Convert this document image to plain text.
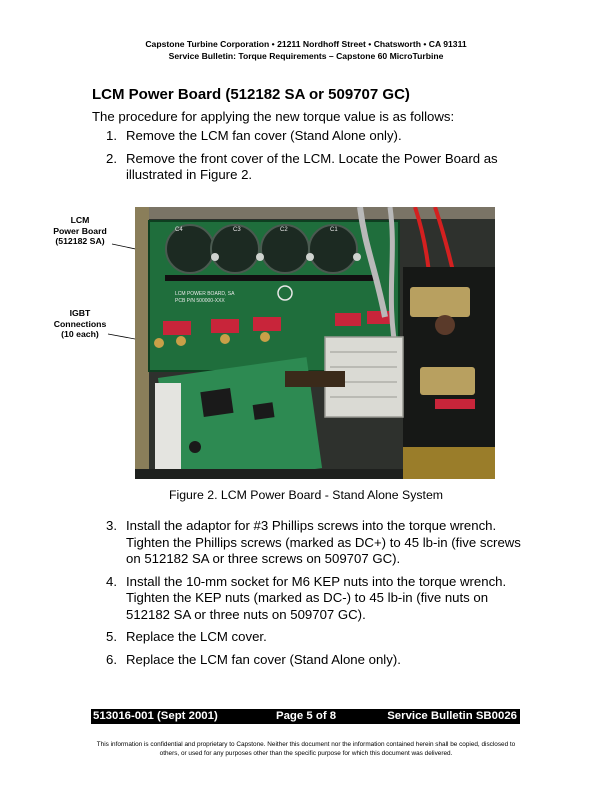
Capstone Turbine Corporation • 21211 Nordhoff Street • Chatsworth • CA 91311
Service Bulletin: Torque Requirements – Capstone 60 MicroTurbine
LCM Power Board (512182 SA or 509707 GC)
The procedure for applying the new torque value is as follows:
1. Remove the LCM fan cover (Stand Alone only).
2. Remove the front cover of the LCM. Locate the Power Board as illustrated in Figure 2.
LCM
Power Board
(512182 SA)
IGBT
Connections
(10 each)
C4	C3	C2	C1
LCM POWER BOARD, SA
PCB P/N 500000-XXX
Figure 2. LCM Power Board - Stand Alone System
3. Install the adaptor for #3 Phillips screws into the torque wrench. Tighten the Phillips screws (marked as DC+) to 45 lb-in (five screws on 512182 SA or three screws on 509707 GC).
4. Install the 10-mm socket for M6 KEP nuts into the torque wrench. Tighten the KEP nuts (marked as DC-) to 45 lb-in (five nuts on 512182 SA or three nuts on 509707 GC).
5. Replace the LCM cover.
6. Replace the LCM fan cover (Stand Alone only).
513016-001 (Sept 2001)	Page 5 of 8	Service Bulletin SB0026
This information is confidential and proprietary to Capstone. Neither this document nor the information contained herein shall be copied, disclosed to others, or used for any purposes other than the specific purpose for which this document was delivered.
